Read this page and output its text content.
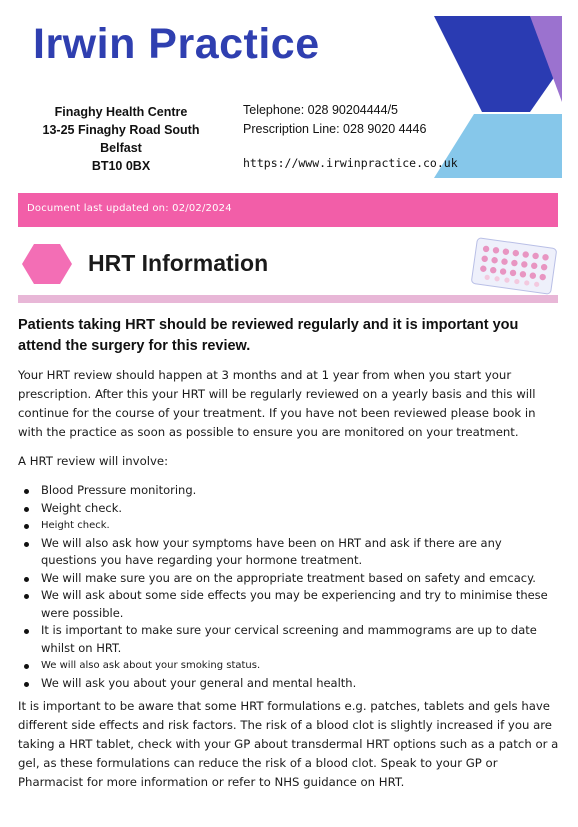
Irwin Practice
Finaghy Health Centre
13-25 Finaghy Road South
Belfast
BT10 0BX
Telephone: 028 90204444/5
Prescription Line: 028 9020 4446
https://www.irwinpractice.co.uk
Document last updated on: 02/02/2024
HRT Information
Patients taking HRT should be reviewed regularly and it is important you attend the surgery for this review.
Your HRT review should happen at 3 months and at 1 year from when you start your prescription. After this your HRT will be regularly reviewed on a yearly basis and this will continue for the course of your treatment. If you have not been reviewed please book in with the practice as soon as possible to ensure you are monitored on your treatment.
A HRT review will involve:
Blood Pressure monitoring.
Weight check.
Height check.
We will also ask how your symptoms have been on HRT and ask if there are any questions you have regarding your hormone treatment.
We will make sure you are on the appropriate treatment based on safety and emcacy.
We will ask about some side effects you may be experiencing and try to minimise these were possible.
It is important to make sure your cervical screening and mammograms are up to date whilst on HRT.
We will also ask about your smoking status.
We will ask you about your general and mental health.
It is important to be aware that some HRT formulations e.g. patches, tablets and gels have different side effects and risk factors. The risk of a blood clot is slightly increased if you are taking a HRT tablet, check with your GP about transdermal HRT options such as a patch or a gel, as these formulations can reduce the risk of a blood clot. Speak to your GP or Pharmacist for more information or refer to NHS guidance on HRT.
